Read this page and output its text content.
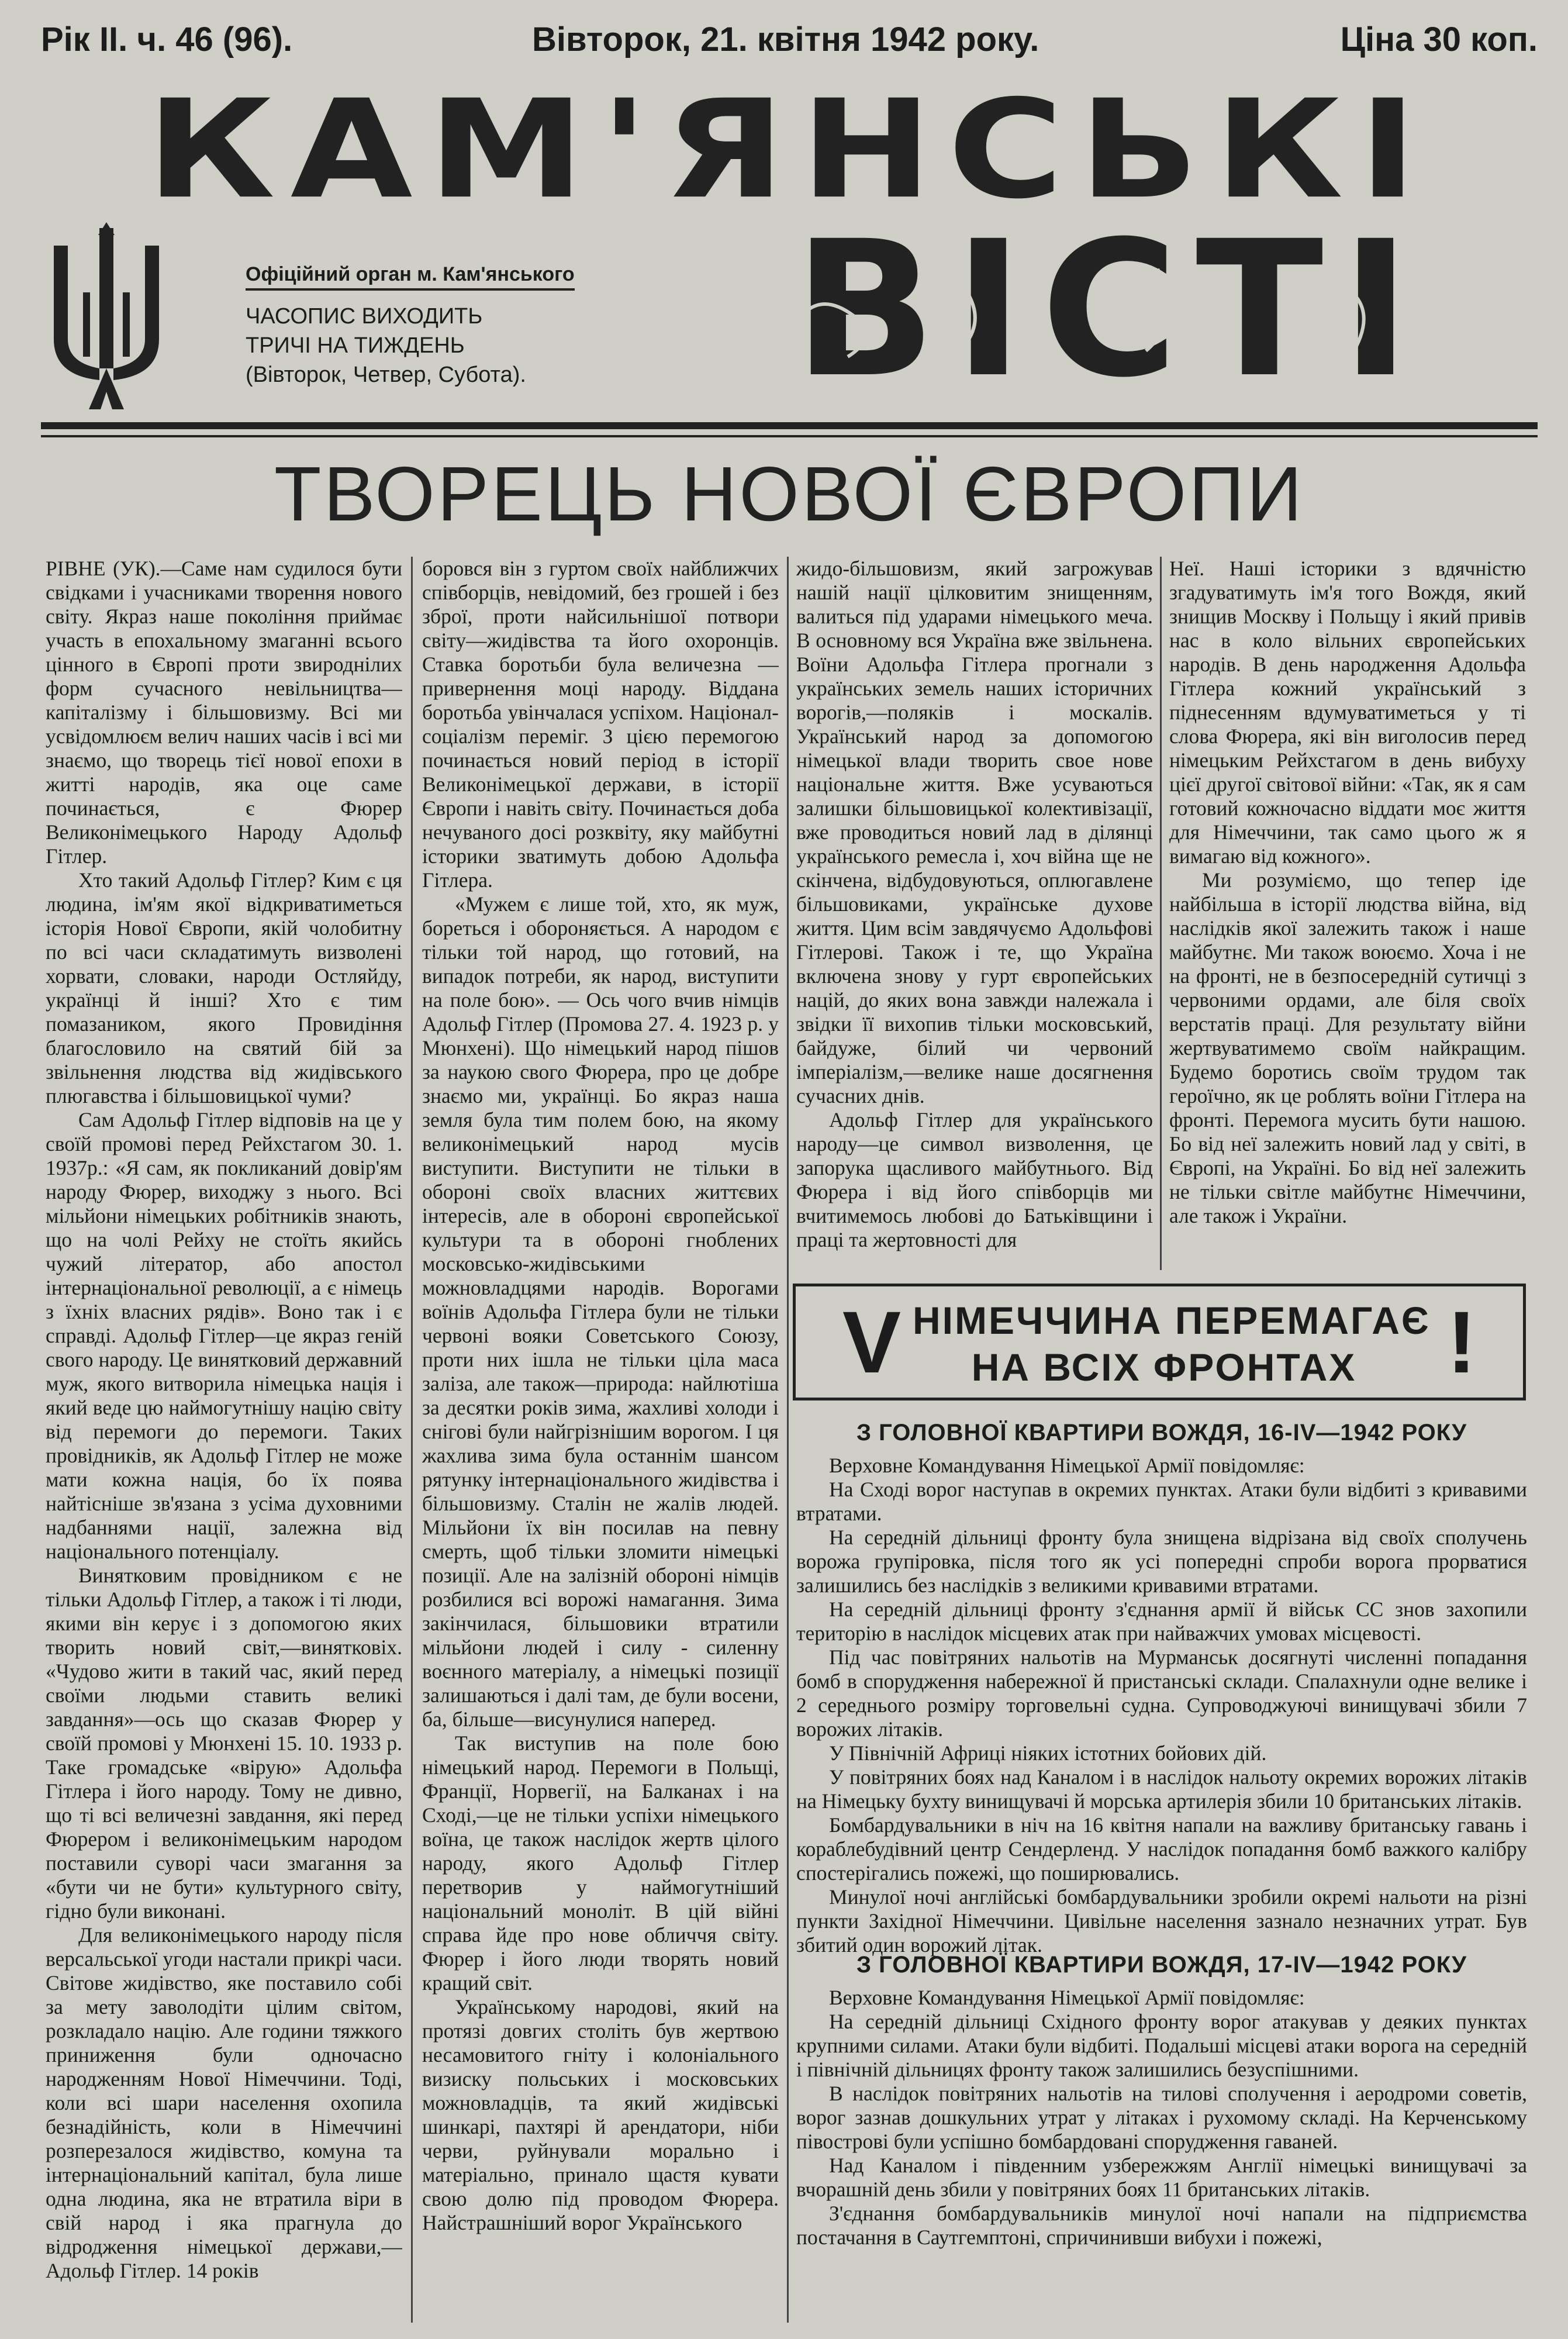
Рік II. ч. 46 (96).	Вівторок, 21. квітня 1942 року.	Ціна 30 коп.
КАМ'ЯНСЬКІ
Офіційний орган м. Кам'янського
ЧАСОПИС ВИХОДИТЬ
ТРИЧІ НА ТИЖДЕНЬ
(Вівторок, Четвер, Субота).	ВІСТІ
ТВОРЕЦЬ НОВОЇ ЄВРОПИ

РІВНЕ (УК).—Саме нам судилося бути свідками і учасниками творення нового світу. Якраз наше покоління приймає участь в епохальному змаганні всього цінного в Європі проти звироднілих форм сучасного невільництва—капіталізму і більшовизму. Всі ми усвідомлюєм велич наших часів і всі ми знаємо, що творець тієї нової епохи в житті народів, яка оце саме починається, є Фюрер Великонімецького Народу Адольф Гітлер.

Хто такий Адольф Гітлер? Ким є ця людина, ім'ям якої відкриватиметься історія Нової Європи, якій чолобитну по всі часи складатимуть визволені хорвати, словаки, народи Остляйду, українці й інші? Хто є тим помазаником, якого Провидіння благословило на святий бій за звільнення людства від жидівського плюгавства і більшовицької чуми?

Сам Адольф Гітлер відповів на це у своїй промові перед Рейхстагом 30. 1. 1937р.: «Я сам, як покликаний довір'ям народу Фюрер, виходжу з нього. Всі мільйони німецьких робітників знають, що на чолі Рейху не стоїть якийсь чужий літератор, або апостол інтернаціональної революції, а є німець з їхніх власних рядів». Воно так і є справді. Адольф Гітлер—це якраз геній свого народу. Це винятковий державний муж, якого витворила німецька нація і який веде цю наймогутнішу націю світу від перемоги до перемоги. Таких провідників, як Адольф Гітлер не може мати кожна нація, бо їх поява найтісніше зв'язана з усіма духовними надбаннями нації, залежна від національного потенціалу.

Винятковим провідником є не тільки Адольф Гітлер, а також і ті люди, якими він керує і з допомогою яких творить новий світ,—винятковіх. «Чудово жити в такий час, який перед своїми людьми ставить великі завдання»—ось що сказав Фюрер у своїй промові у Мюнхені 15. 10. 1933 р. Таке громадське «вірую» Адольфа Гітлера і його народу. Тому не дивно, що ті всі величезні завдання, які перед Фюрером і великонімецьким народом поставили суворі часи змагання за «бути чи не бути» культурного світу, гідно були виконані.

Для великонімецького народу після версальської угоди настали прикрі часи. Світове жидівство, яке поставило собі за мету заволодіти цілим світом, розкладало націю. Але години тяжкого приниження були одночасно народженням Нової Німеччини. Тоді, коли всі шари населення охопила безнадійність, коли в Німеччині розперезалося жидівство, комуна та інтернаціональний капітал, була лише одна людина, яка не втратила віри в свій народ і яка прагнула до відродження німецької держави,—Адольф Гітлер. 14 років

боровся він з гуртом своїх найближчих співборців, невідомий, без грошей і без зброї, проти найсильнішої потвори світу—жидівства та його охоронців. Ставка боротьби була величезна — привернення моці народу. Віддана боротьба увінчалася успіхом. Націонал-соціалізм переміг. З цією перемогою починається новий період в історії Великонімецької держави, в історії Європи і навіть світу. Починається доба нечуваного досі розквіту, яку майбутні історики зватимуть добою Адольфа Гітлера.

«Мужем є лише той, хто, як муж, бореться і обороняється. А народом є тільки той народ, що готовий, на випадок потреби, як народ, виступити на поле бою». — Ось чого вчив німців Адольф Гітлер (Промова 27. 4. 1923 р. у Мюнхені). Що німецький народ пішов за наукою свого Фюрера, про це добре знаємо ми, українці. Бо якраз наша земля була тим полем бою, на якому великонімецький народ мусів виступити. Виступити не тільки в обороні своїх власних життєвих інтересів, але в обороні європейської культури та в обороні гноблених московсько-жидівськими можновладцями народів. Ворогами воїнів Адольфа Гітлера були не тільки червоні вояки Советського Союзу, проти них ішла не тільки ціла маса заліза, але також—природа: найлютіша за десятки років зима, жахливі холоди і снігові були найгрізнішим ворогом. І ця жахлива зима була останнім шансом рятунку інтернаціонального жидівства і більшовизму. Сталін не жалів людей. Мільйони їх він посилав на певну смерть, щоб тільки зломити німецькі позиції. Але на залізній обороні німців розбилися всі ворожі намагання. Зима закінчилася, більшовики втратили мільйони людей і силу - силенну воєнного матеріалу, а німецькі позиції залишаються і далі там, де були восени, ба, більше—висунулися наперед.

Так виступив на поле бою німецький народ. Перемоги в Польщі, Франції, Норвегії, на Балканах і на Сході,—це не тільки успіхи німецького воїна, це також наслідок жертв цілого народу, якого Адольф Гітлер перетворив у наймогутніший національний моноліт. В цій війні справа йде про нове обличчя світу. Фюрер і його люди творять новий кращий світ.

Українському народові, який на протязі довгих століть був жертвою несамовитого гніту і колоніального визиску польських і московських можновладців, та який жидівські шинкарі, пахтярі й арендатори, ніби черви, руйнували морально і матеріально, принало щастя кувати свою долю під проводом Фюрера. Найстрашніший ворог Українського

жидо-більшовизм, який загрожував нашій нації цілковитим знищенням, валиться під ударами німецького меча. В основному вся Україна вже звільнена. Воїни Адольфа Гітлера прогнали з українських земель наших історичних ворогів,—поляків і москалів. Український народ за допомогою німецької влади творить свое нове національне життя. Вже усуваються залишки більшовицької колективізації, вже проводиться новий лад в ділянці українського ремесла і, хоч війна ще не скінчена, відбудовуються, оплюгавлене більшовиками, українське духове життя. Цим всім завдячуємо Адольфові Гітлерові. Також і те, що Україна включена знову у гурт європейських націй, до яких вона завжди належала і звідки її вихопив тільки московський, байдуже, білий чи червоний імперіалізм,—велике наше досягнення сучасних днів.

Адольф Гітлер для українського народу—це символ визволення, це запорука щасливого майбутнього. Від Фюрера і від його співборців ми вчитимемось любові до Батьківщини і праці та жертовності для

Неї. Наші історики з вдячністю згадуватимуть ім'я того Вождя, який знищив Москву і Польщу і який привів нас в коло вільних європейських народів. В день народження Адольфа Гітлера кожний український з піднесенням вдумуватиметься у ті слова Фюрера, які він виголосив перед німецьким Рейхстагом в день вибуху цієї другої світової війни: «Так, як я сам готовий кожночасно віддати моє життя для Німеччини, так само цього ж я вимагаю від кожного».

Ми розуміємо, що тепер іде найбільша в історії людства війна, від наслідків якої залежить також і наше майбутнє. Ми також воюємо. Хоча і не на фронті, не в безпосередній сутичці з червоними ордами, але біля своїх верстатів праці. Для результату війни жертвуватимемо своїм найкращим. Будемо боротись своїм трудом так героїчно, як це роблять воїни Гітлера на фронті. Перемога мусить бути нашою. Бо від неї залежить новий лад у світі, в Європі, на Україні. Бо від неї залежить не тільки світле майбутнє Німеччини, але також і України.

V НІМЕЧЧИНА ПЕРЕМАГАЄ
НА ВСІХ ФРОНТАХ	!

З ГОЛОВНОЇ КВАРТИРИ ВОЖДЯ, 16-IV—1942 РОКУ

Верховне Командування Німецької Армії повідомляє:

На Сході ворог наступав в окремих пунктах. Атаки були відбиті з кривавими втратами.

На середній дільниці фронту була знищена відрізана від своїх сполучень ворожа групіровка, після того як усі попередні спроби ворога прорватися залишились без наслідків з великими кривавими втратами.

На середній дільниці фронту з'єднання армії й військ СС знов захопили територію в наслідок місцевих атак при найважчих умовах місцевості.

Під час повітряних нальотів на Мурманськ досягнуті численні попадання бомб в спорудження набережної й пристанські склади. Спалахнули одне велике і 2 середнього розміру торговельні судна. Супроводжуючі винищувачі збили 7 ворожих літаків.

У Північній Африці ніяких істотних бойових дій.

У повітряних боях над Каналом і в наслідок нальоту окремих ворожих літаків на Німецьку бухту винищувачі й морська артилерія збили 10 британських літаків.

Бомбардувальники в ніч на 16 квітня напали на важливу британську гавань і кораблебудівний центр Сендерленд. У наслідок попадання бомб важкого калібру спостерігались пожежі, що поширювались.

Минулої ночі англійські бомбардувальники зробили окремі нальоти на різні пункти Західної Німеччини. Цивільне населення зазнало незначних утрат. Був збитий один ворожий літак.

З ГОЛОВНОЇ КВАРТИРИ ВОЖДЯ, 17-IV—1942 РОКУ

Верховне Командування Німецької Армії повідомляє:

На середній дільниці Східного фронту ворог атакував у деяких пунктах крупними силами. Атаки були відбиті. Подальші місцеві атаки ворога на середній і північній дільницях фронту також залишились безуспішними.

В наслідок повітряних нальотів на тилові сполучення і аеродроми советів, ворог зазнав дошкульних утрат у літаках і рухомому складі. На Керченському півострові були успішно бомбардовані спорудження гаваней.

Над Каналом і південним узбережжям Англії німецькі винищувачі за вчорашній день збили у повітряних боях 11 британських літаків.

З'єднання бомбардувальників минулої ночі напали на підприємства постачання в Саутгемптоні, спричинивши вибухи і пожежі,
